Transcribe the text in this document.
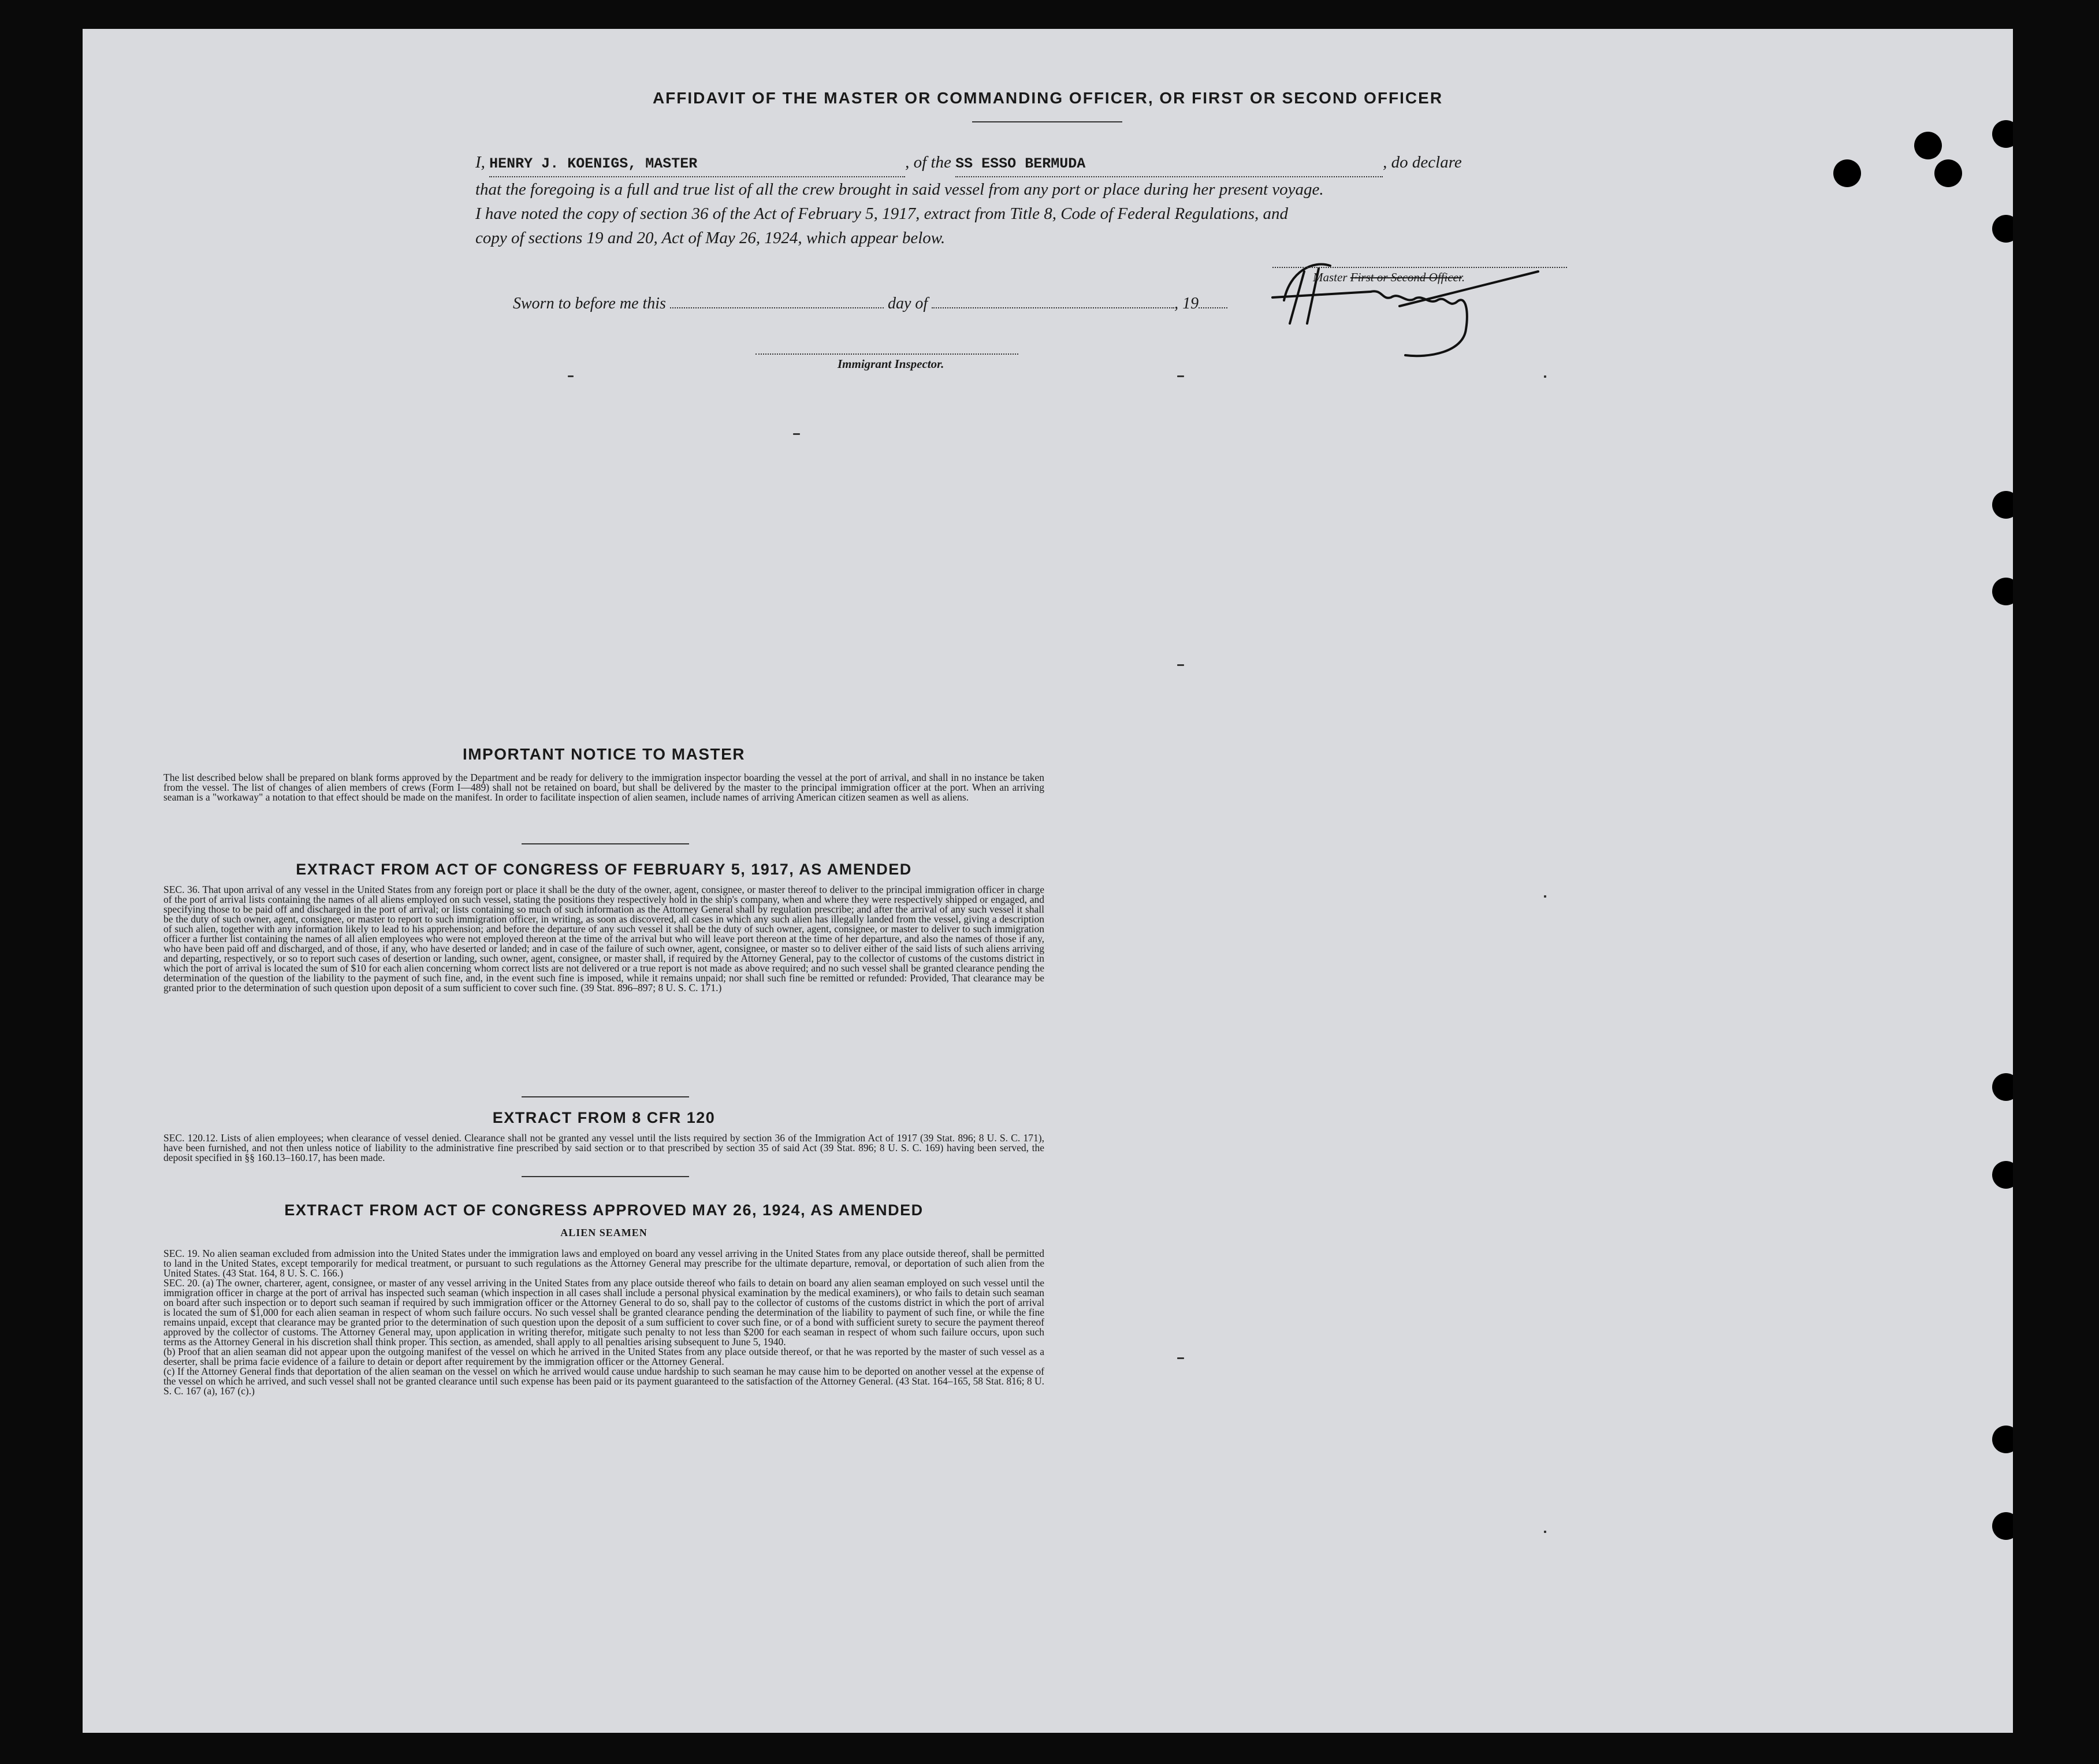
AFFIDAVIT OF THE MASTER OR COMMANDING OFFICER, OR FIRST OR SECOND OFFICER
I, HENRY J. KOENIGS, MASTER	, of the SS ESSO BERMUDA	, do declare
that the foregoing is a full and true list of all the crew brought in said vessel from any port or place during her present voyage.
I have noted the copy of section 36 of the Act of February 5, 1917, extract from Title 8, Code of Federal Regulations, and
copy of sections 19 and 20, Act of May 26, 1924, which appear below.
Master First or Second Officer.
Sworn to before me this	day of	, 19
Immigrant Inspector.
IMPORTANT NOTICE TO MASTER
The list described below shall be prepared on blank forms approved by the Department and be ready for delivery to the immigration inspector boarding the vessel at the port of arrival, and shall in no instance be taken from the vessel. The list of changes of alien members of crews (Form I—489) shall not be retained on board, but shall be delivered by the master to the principal immigration officer at the port. When an arriving seaman is a "workaway" a notation to that effect should be made on the manifest. In order to facilitate inspection of alien seamen, include names of arriving American citizen seamen as well as aliens.
EXTRACT FROM ACT OF CONGRESS OF FEBRUARY 5, 1917, AS AMENDED
SEC. 36. That upon arrival of any vessel in the United States from any foreign port or place it shall be the duty of the owner, agent, consignee, or master thereof to deliver to the principal immigration officer in charge of the port of arrival lists containing the names of all aliens employed on such vessel, stating the positions they respectively hold in the ship's company, when and where they were respectively shipped or engaged, and specifying those to be paid off and discharged in the port of arrival; or lists containing so much of such information as the Attorney General shall by regulation prescribe; and after the arrival of any such vessel it shall be the duty of such owner, agent, consignee, or master to report to such immigration officer, in writing, as soon as discovered, all cases in which any such alien has illegally landed from the vessel, giving a description of such alien, together with any information likely to lead to his apprehension; and before the departure of any such vessel it shall be the duty of such owner, agent, consignee, or master to deliver to such immigration officer a further list containing the names of all alien employees who were not employed thereon at the time of the arrival but who will leave port thereon at the time of her departure, and also the names of those if any, who have been paid off and discharged, and of those, if any, who have deserted or landed; and in case of the failure of such owner, agent, consignee, or master so to deliver either of the said lists of such aliens arriving and departing, respectively, or so to report such cases of desertion or landing, such owner, agent, consignee, or master shall, if required by the Attorney General, pay to the collector of customs of the customs district in which the port of arrival is located the sum of $10 for each alien concerning whom correct lists are not delivered or a true report is not made as above required; and no such vessel shall be granted clearance pending the determination of the question of the liability to the payment of such fine, and, in the event such fine is imposed, while it remains unpaid; nor shall such fine be remitted or refunded: Provided, That clearance may be granted prior to the determination of such question upon deposit of a sum sufficient to cover such fine. (39 Stat. 896–897; 8 U. S. C. 171.)
EXTRACT FROM 8 CFR 120
SEC. 120.12. Lists of alien employees; when clearance of vessel denied. Clearance shall not be granted any vessel until the lists required by section 36 of the Immigration Act of 1917 (39 Stat. 896; 8 U. S. C. 171), have been furnished, and not then unless notice of liability to the administrative fine prescribed by said section or to that prescribed by section 35 of said Act (39 Stat. 896; 8 U. S. C. 169) having been served, the deposit specified in §§ 160.13–160.17, has been made.
EXTRACT FROM ACT OF CONGRESS APPROVED MAY 26, 1924, AS AMENDED
ALIEN SEAMEN
SEC. 19. No alien seaman excluded from admission into the United States under the immigration laws and employed on board any vessel arriving in the United States from any place outside thereof, shall be permitted to land in the United States, except temporarily for medical treatment, or pursuant to such regulations as the Attorney General may prescribe for the ultimate departure, removal, or deportation of such alien from the United States. (43 Stat. 164, 8 U. S. C. 166.)
SEC. 20. (a) The owner, charterer, agent, consignee, or master of any vessel arriving in the United States from any place outside thereof who fails to detain on board any alien seaman employed on such vessel until the immigration officer in charge at the port of arrival has inspected such seaman (which inspection in all cases shall include a personal physical examination by the medical examiners), or who fails to detain such seaman on board after such inspection or to deport such seaman if required by such immigration officer or the Attorney General to do so, shall pay to the collector of customs of the customs district in which the port of arrival is located the sum of $1,000 for each alien seaman in respect of whom such failure occurs. No such vessel shall be granted clearance pending the determination of the liability to payment of such fine, or while the fine remains unpaid, except that clearance may be granted prior to the determination of such question upon the deposit of a sum sufficient to cover such fine, or of a bond with sufficient surety to secure the payment thereof approved by the collector of customs. The Attorney General may, upon application in writing therefor, mitigate such penalty to not less than $200 for each seaman in respect of whom such failure occurs, upon such terms as the Attorney General in his discretion shall think proper. This section, as amended, shall apply to all penalties arising subsequent to June 5, 1940.
(b) Proof that an alien seaman did not appear upon the outgoing manifest of the vessel on which he arrived in the United States from any place outside thereof, or that he was reported by the master of such vessel as a deserter, shall be prima facie evidence of a failure to detain or deport after requirement by the immigration officer or the Attorney General.
(c) If the Attorney General finds that deportation of the alien seaman on the vessel on which he arrived would cause undue hardship to such seaman he may cause him to be deported on another vessel at the expense of the vessel on which he arrived, and such vessel shall not be granted clearance until such expense has been paid or its payment guaranteed to the satisfaction of the Attorney General. (43 Stat. 164–165, 58 Stat. 816; 8 U. S. C. 167 (a), 167 (c).)
